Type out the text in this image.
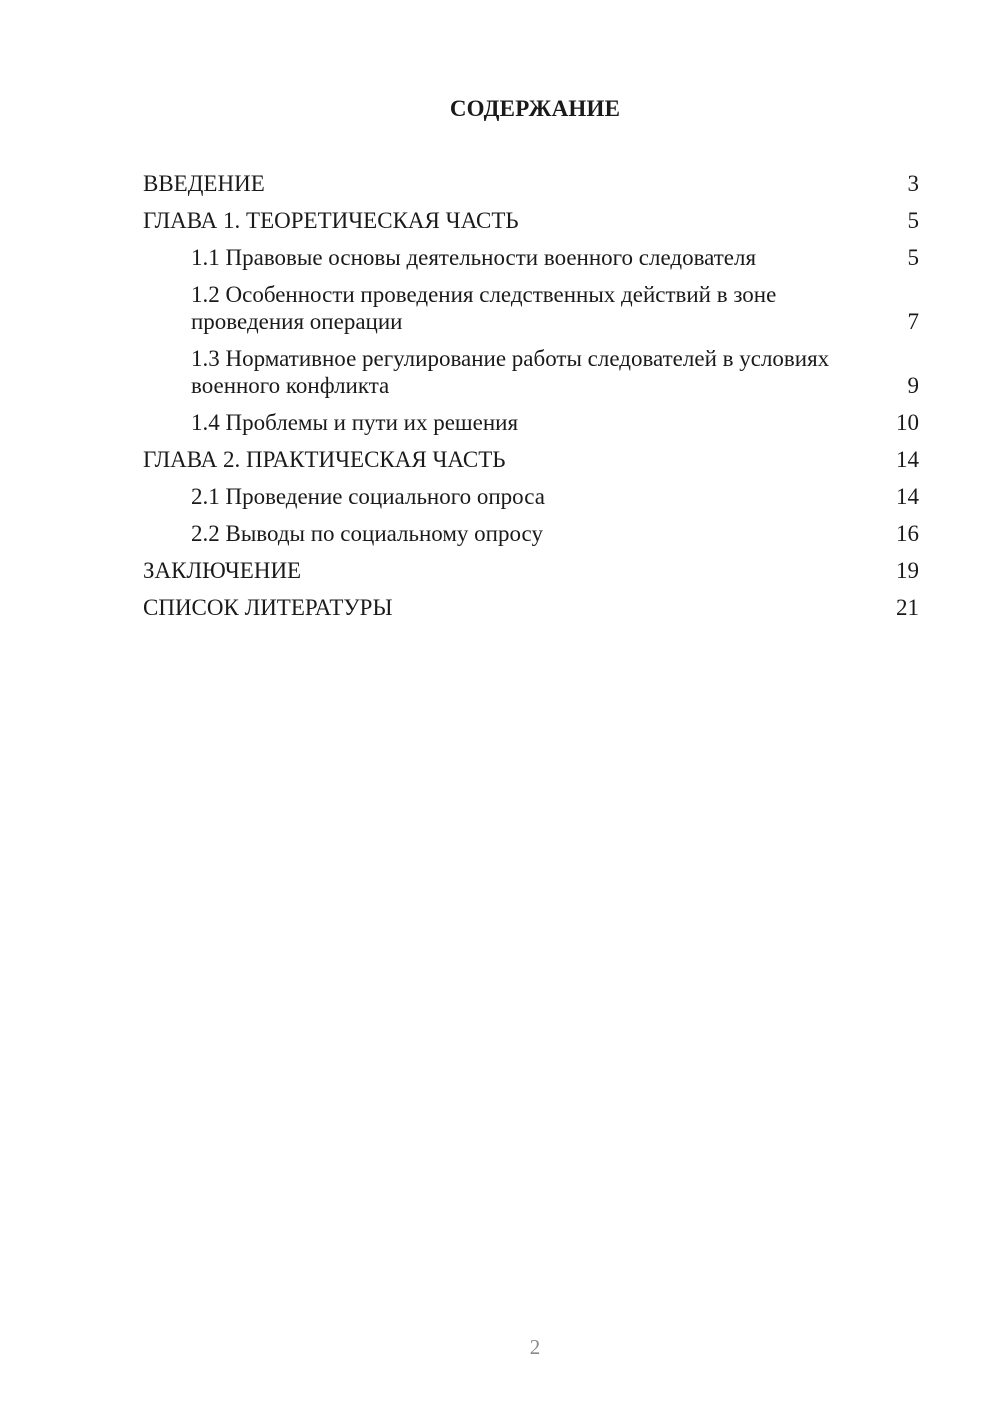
СОДЕРЖАНИЕ
ВВЕДЕНИЕ	3
ГЛАВА 1. ТЕОРЕТИЧЕСКАЯ ЧАСТЬ	5
1.1 Правовые основы деятельности военного следователя	5
1.2 Особенности проведения следственных действий в зоне проведения операции	7
1.3 Нормативное регулирование работы следователей в условиях военного конфликта	9
1.4 Проблемы и пути их решения	10
ГЛАВА 2. ПРАКТИЧЕСКАЯ ЧАСТЬ	14
2.1 Проведение социального опроса	14
2.2 Выводы по социальному опросу	16
ЗАКЛЮЧЕНИЕ	19
СПИСОК ЛИТЕРАТУРЫ	21
2
